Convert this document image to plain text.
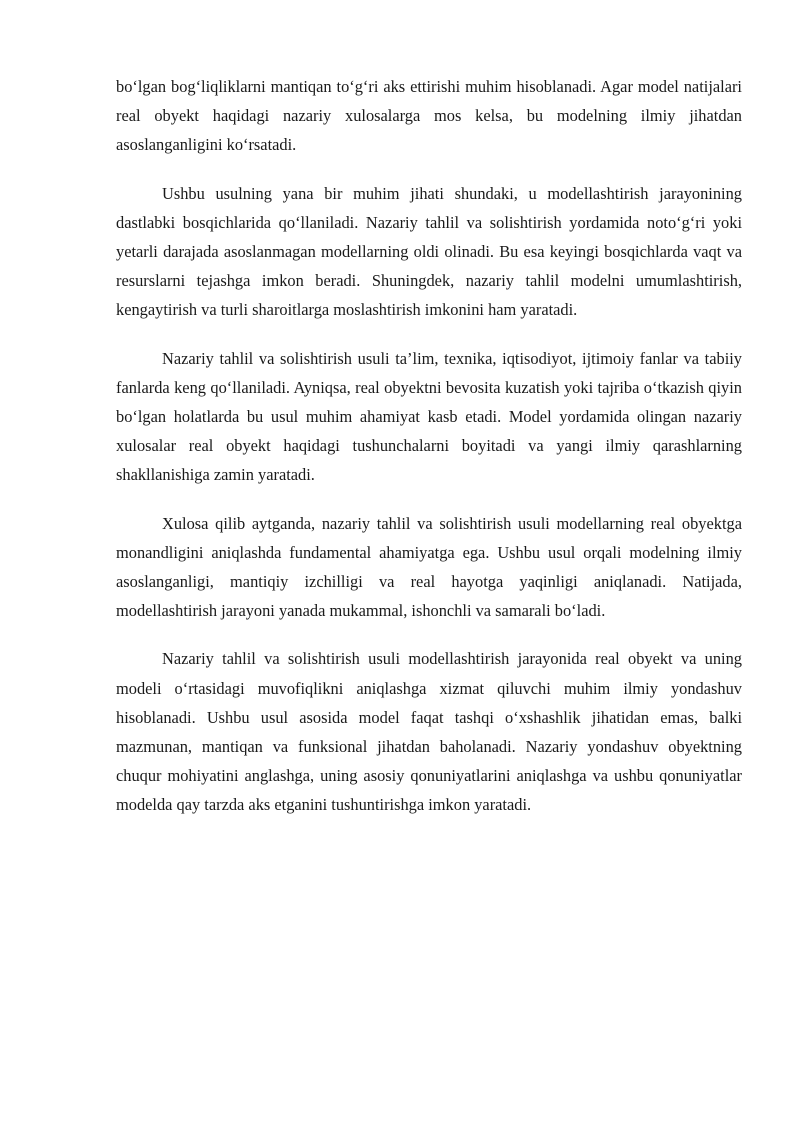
bo‘lgan bog‘liqliklarni mantiqan to‘g‘ri aks ettirishi muhim hisoblanadi. Agar model natijalari real obyekt haqidagi nazariy xulosalarga mos kelsa, bu modelning ilmiy jihatdan asoslanganligini ko‘rsatadi.

Ushbu usulning yana bir muhim jihati shundaki, u modellashtirish jarayonining dastlabki bosqichlarida qo‘llaniladi. Nazariy tahlil va solishtirish yordamida noto‘g‘ri yoki yetarli darajada asoslanmagan modellarning oldi olinadi. Bu esa keyingi bosqichlarda vaqt va resurslarni tejashga imkon beradi. Shuningdek, nazariy tahlil modelni umumlashtirish, kengaytirish va turli sharoitlarga moslashtirish imkonini ham yaratadi.

Nazariy tahlil va solishtirish usuli ta’lim, texnika, iqtisodiyot, ijtimoiy fanlar va tabiiy fanlarda keng qo‘llaniladi. Ayniqsa, real obyektni bevosita kuzatish yoki tajriba o‘tkazish qiyin bo‘lgan holatlarda bu usul muhim ahamiyat kasb etadi. Model yordamida olingan nazariy xulosalar real obyekt haqidagi tushunchalarni boyitadi va yangi ilmiy qarashlarning shakllanishiga zamin yaratadi.

Xulosa qilib aytganda, nazariy tahlil va solishtirish usuli modellarning real obyektga monandligini aniqlashda fundamental ahamiyatga ega. Ushbu usul orqali modelning ilmiy asoslanganligi, mantiqiy izchilligi va real hayotga yaqinligi aniqlanadi. Natijada, modellashtirish jarayoni yanada mukammal, ishonchli va samarali bo‘ladi.

Nazariy tahlil va solishtirish usuli modellashtirish jarayonida real obyekt va uning modeli o‘rtasidagi muvofiqlikni aniqlashga xizmat qiluvchi muhim ilmiy yondashuv hisoblanadi. Ushbu usul asosida model faqat tashqi o‘xshashlik jihatidan emas, balki mazmunan, mantiqan va funksional jihatdan baholanadi. Nazariy yondashuv obyektning chuqur mohiyatini anglashga, uning asosiy qonuniyatlarini aniqlashga va ushbu qonuniyatlar modelda qay tarzda aks etganini tushuntirishga imkon yaratadi.
